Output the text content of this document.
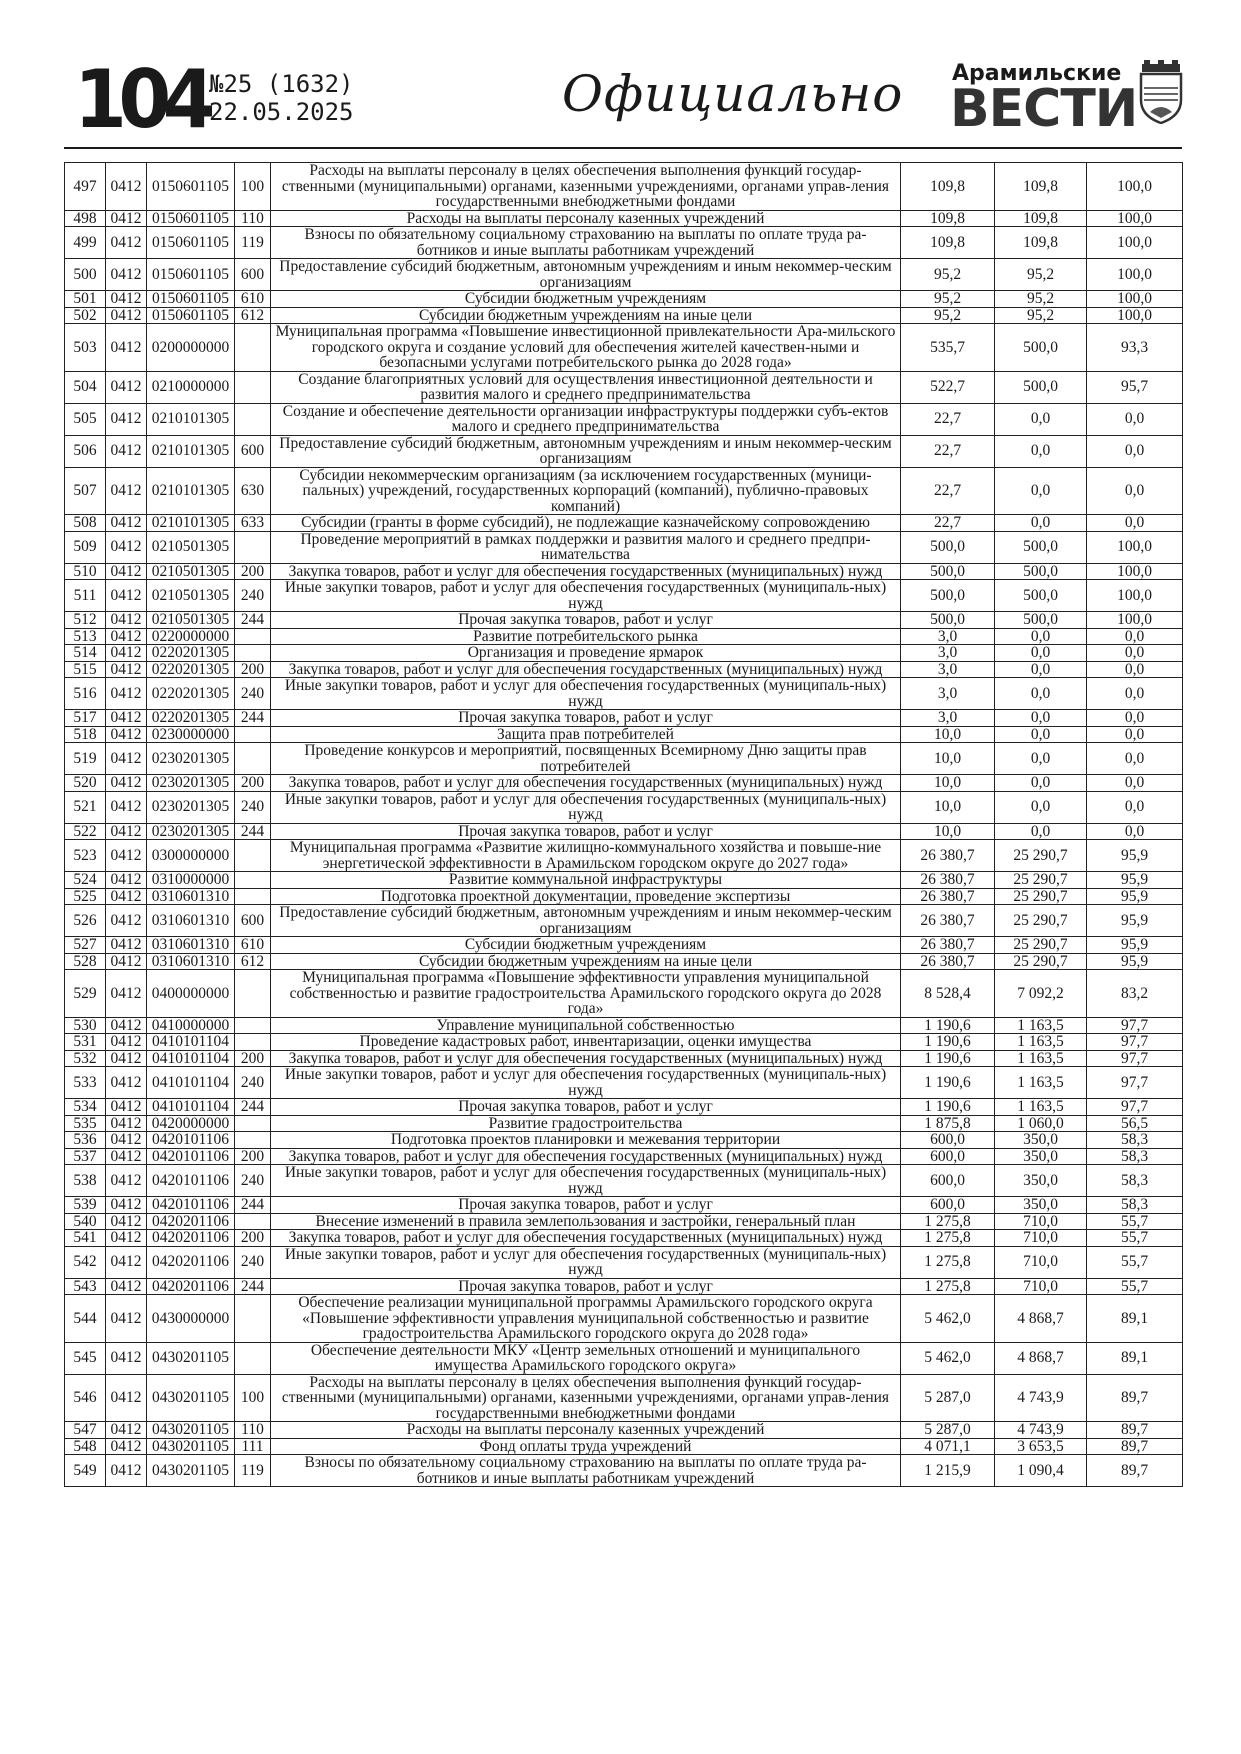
104 №25 (1632)
22.05.2025	Официально Арамильские
ВЕСТИ
497	0412	0150601105	100	Расходы на выплаты персоналу в целях обеспечения выполнения функций государ-ственными (муниципальными) органами, казенными учреждениями, органами управ-ления государственными внебюджетными фондами	109,8	109,8	100,0
498	0412	0150601105	110	Расходы на выплаты персоналу казенных учреждений	109,8	109,8	100,0
499	0412	0150601105	119	Взносы по обязательному социальному страхованию на выплаты по оплате труда ра-ботников и иные выплаты работникам учреждений	109,8	109,8	100,0
500	0412	0150601105	600	Предоставление субсидий бюджетным, автономным учреждениям и иным некоммер-ческим организациям	95,2	95,2	100,0
501	0412	0150601105	610	Субсидии бюджетным учреждениям	95,2	95,2	100,0
502	0412	0150601105	612	Субсидии бюджетным учреждениям на иные цели	95,2	95,2	100,0
503	0412	0200000000		Муниципальная программа «Повышение инвестиционной привлекательности Ара-мильского городского округа и создание условий для обеспечения жителей качествен-ными и безопасными услугами потребительского рынка до 2028 года»	535,7	500,0	93,3
504	0412	0210000000		Создание благоприятных условий для осуществления инвестиционной деятельности и развития малого и среднего предпринимательства	522,7	500,0	95,7
505	0412	0210101305		Создание и обеспечение деятельности организации инфраструктуры поддержки субъ-ектов малого и среднего предпринимательства	22,7	0,0	0,0
506	0412	0210101305	600	Предоставление субсидий бюджетным, автономным учреждениям и иным некоммер-ческим организациям	22,7	0,0	0,0
507	0412	0210101305	630	Субсидии некоммерческим организациям (за исключением государственных (муници-пальных) учреждений, государственных корпораций (компаний), публично-правовых компаний)	22,7	0,0	0,0
508	0412	0210101305	633	Субсидии (гранты в форме субсидий), не подлежащие казначейскому сопровождению	22,7	0,0	0,0
509	0412	0210501305		Проведение мероприятий в рамках поддержки и развития малого и среднего предпри-нимательства	500,0	500,0	100,0
510	0412	0210501305	200	Закупка товаров, работ и услуг для обеспечения государственных (муниципальных) нужд	500,0	500,0	100,0
511	0412	0210501305	240	Иные закупки товаров, работ и услуг для обеспечения государственных (муниципаль-ных) нужд	500,0	500,0	100,0
512	0412	0210501305	244	Прочая закупка товаров, работ и услуг	500,0	500,0	100,0
513	0412	0220000000		Развитие потребительского рынка	3,0	0,0	0,0
514	0412	0220201305		Организация и проведение ярмарок	3,0	0,0	0,0
515	0412	0220201305	200	Закупка товаров, работ и услуг для обеспечения государственных (муниципальных) нужд	3,0	0,0	0,0
516	0412	0220201305	240	Иные закупки товаров, работ и услуг для обеспечения государственных (муниципаль-ных) нужд	3,0	0,0	0,0
517	0412	0220201305	244	Прочая закупка товаров, работ и услуг	3,0	0,0	0,0
518	0412	0230000000		Защита прав потребителей	10,0	0,0	0,0
519	0412	0230201305		Проведение конкурсов и мероприятий, посвященных Всемирному Дню защиты прав потребителей	10,0	0,0	0,0
520	0412	0230201305	200	Закупка товаров, работ и услуг для обеспечения государственных (муниципальных) нужд	10,0	0,0	0,0
521	0412	0230201305	240	Иные закупки товаров, работ и услуг для обеспечения государственных (муниципаль-ных) нужд	10,0	0,0	0,0
522	0412	0230201305	244	Прочая закупка товаров, работ и услуг	10,0	0,0	0,0
523	0412	0300000000		Муниципальная программа «Развитие жилищно-коммунального хозяйства и повыше-ние энергетической эффективности в Арамильском городском округе до 2027 года»	26 380,7	25 290,7	95,9
524	0412	0310000000		Развитие коммунальной инфраструктуры	26 380,7	25 290,7	95,9
525	0412	0310601310		Подготовка проектной документации, проведение экспертизы	26 380,7	25 290,7	95,9
526	0412	0310601310	600	Предоставление субсидий бюджетным, автономным учреждениям и иным некоммер-ческим организациям	26 380,7	25 290,7	95,9
527	0412	0310601310	610	Субсидии бюджетным учреждениям	26 380,7	25 290,7	95,9
528	0412	0310601310	612	Субсидии бюджетным учреждениям на иные цели	26 380,7	25 290,7	95,9
529	0412	0400000000		Муниципальная программа «Повышение эффективности управления муниципальной собственностью и развитие градостроительства Арамильского городского округа до 2028 года»	8 528,4	7 092,2	83,2
530	0412	0410000000		Управление муниципальной собственностью	1 190,6	1 163,5	97,7
531	0412	0410101104		Проведение кадастровых работ, инвентаризации, оценки имущества	1 190,6	1 163,5	97,7
532	0412	0410101104	200	Закупка товаров, работ и услуг для обеспечения государственных (муниципальных) нужд	1 190,6	1 163,5	97,7
533	0412	0410101104	240	Иные закупки товаров, работ и услуг для обеспечения государственных (муниципаль-ных) нужд	1 190,6	1 163,5	97,7
534	0412	0410101104	244	Прочая закупка товаров, работ и услуг	1 190,6	1 163,5	97,7
535	0412	0420000000		Развитие градостроительства	1 875,8	1 060,0	56,5
536	0412	0420101106		Подготовка проектов планировки и межевания территории	600,0	350,0	58,3
537	0412	0420101106	200	Закупка товаров, работ и услуг для обеспечения государственных (муниципальных) нужд	600,0	350,0	58,3
538	0412	0420101106	240	Иные закупки товаров, работ и услуг для обеспечения государственных (муниципаль-ных) нужд	600,0	350,0	58,3
539	0412	0420101106	244	Прочая закупка товаров, работ и услуг	600,0	350,0	58,3
540	0412	0420201106		Внесение изменений в правила землепользования и застройки, генеральный план	1 275,8	710,0	55,7
541	0412	0420201106	200	Закупка товаров, работ и услуг для обеспечения государственных (муниципальных) нужд	1 275,8	710,0	55,7
542	0412	0420201106	240	Иные закупки товаров, работ и услуг для обеспечения государственных (муниципаль-ных) нужд	1 275,8	710,0	55,7
543	0412	0420201106	244	Прочая закупка товаров, работ и услуг	1 275,8	710,0	55,7
544	0412	0430000000		Обеспечение реализации муниципальной программы Арамильского городского округа «Повышение эффективности управления муниципальной собственностью и развитие градостроительства Арамильского городского округа до 2028 года»	5 462,0	4 868,7	89,1
545	0412	0430201105		Обеспечение деятельности МКУ «Центр земельных отношений и муниципального имущества Арамильского городского округа»	5 462,0	4 868,7	89,1
546	0412	0430201105	100	Расходы на выплаты персоналу в целях обеспечения выполнения функций государ-ственными (муниципальными) органами, казенными учреждениями, органами управ-ления государственными внебюджетными фондами	5 287,0	4 743,9	89,7
547	0412	0430201105	110	Расходы на выплаты персоналу казенных учреждений	5 287,0	4 743,9	89,7
548	0412	0430201105	111	Фонд оплаты труда учреждений	4 071,1	3 653,5	89,7
549	0412	0430201105	119	Взносы по обязательному социальному страхованию на выплаты по оплате труда ра-ботников и иные выплаты работникам учреждений	1 215,9	1 090,4	89,7
